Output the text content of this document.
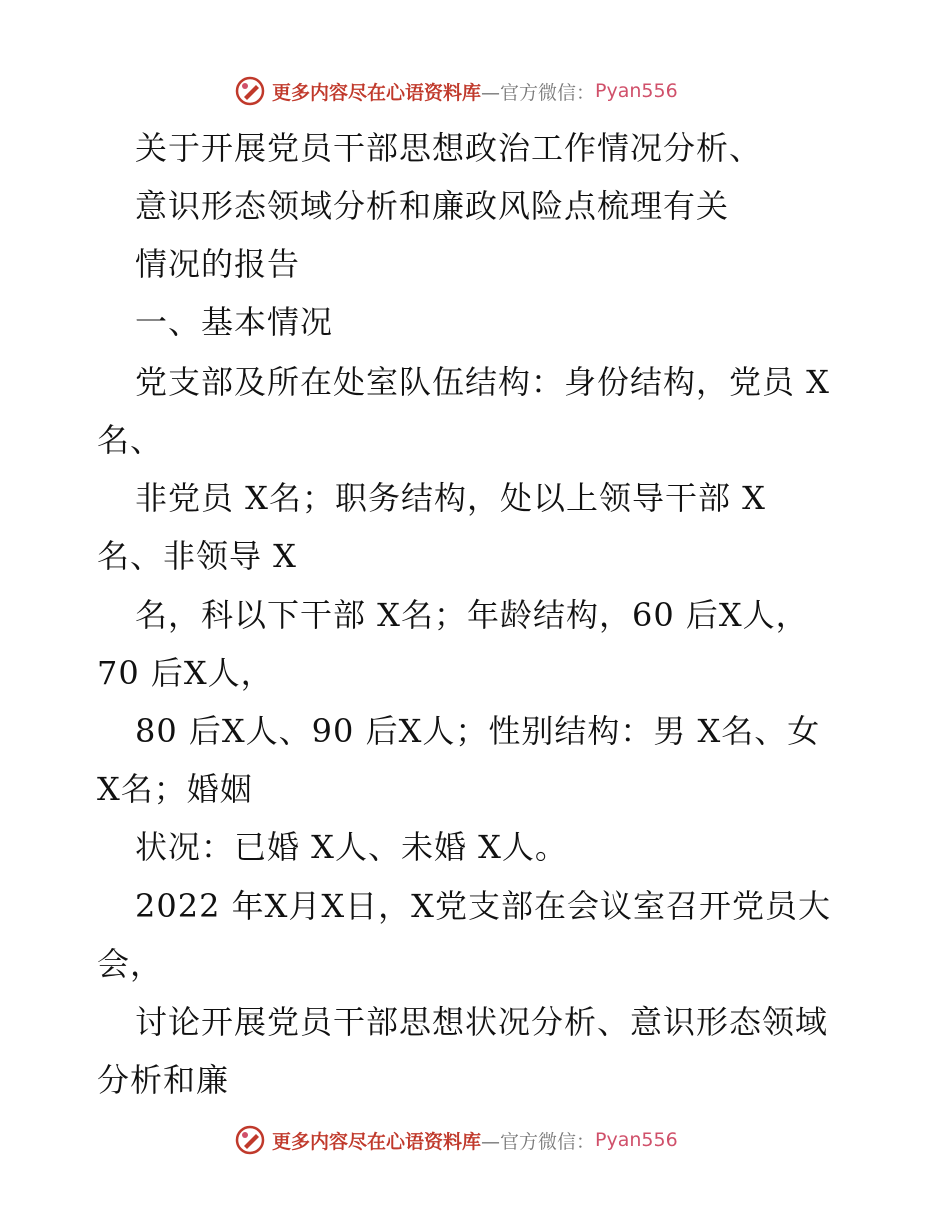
更多内容尽在心语资料库 —官方微信： Pyan556
关于开展党员干部思想政治工作情况分析、
意识形态领域分析和廉政风险点梳理有关
情况的报告
一、基本情况
党支部及所在处室队伍结构：身份结构，党员 X
名、
非党员 X名；职务结构，处以上领导干部 X
名、非领导 X
名，科以下干部 X名；年龄结构，60 后X人，
70 后X人，
80 后X人、90 后X人；性别结构：男 X名、女
X名；婚姻
状况：已婚 X人、未婚 X人。
2022 年X月X日，X党支部在会议室召开党员大
会，
讨论开展党员干部思想状况分析、意识形态领域
分析和廉
更多内容尽在心语资料库 —官方微信： Pyan556
